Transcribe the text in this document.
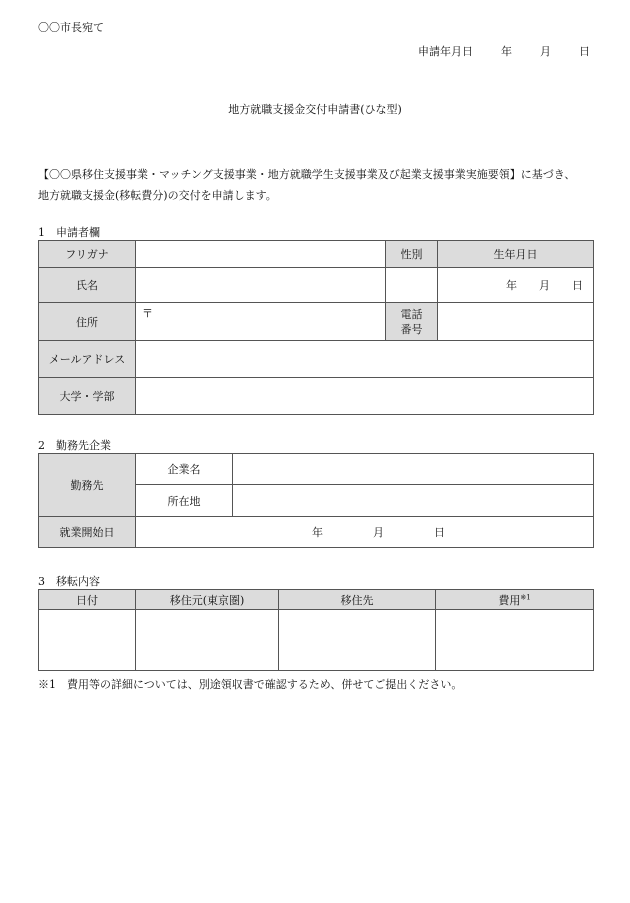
〇〇市長宛て
申請年月日	年	月	日
地方就職支援金交付申請書(ひな型)
【〇〇県移住支援事業・マッチング支援事業・地方就職学生支援事業及び起業支援事業実施要領】に基づき、
地方就職支援金(移転費分)の交付を申請します。
1　申請者欄
フリガナ		性別	生年月日
氏名			年 月 日
住所	〒	電話
番号	
メールアドレス			
大学・学部			
2　勤務先企業
勤務先	企業名	
	所在地	
就業開始日	年 月 日	
3　移転内容
日付	移住元(東京圏)	移住先	費用$^{※1}$

※1　費用等の詳細については、別途領収書で確認するため、併せてご提出ください。
